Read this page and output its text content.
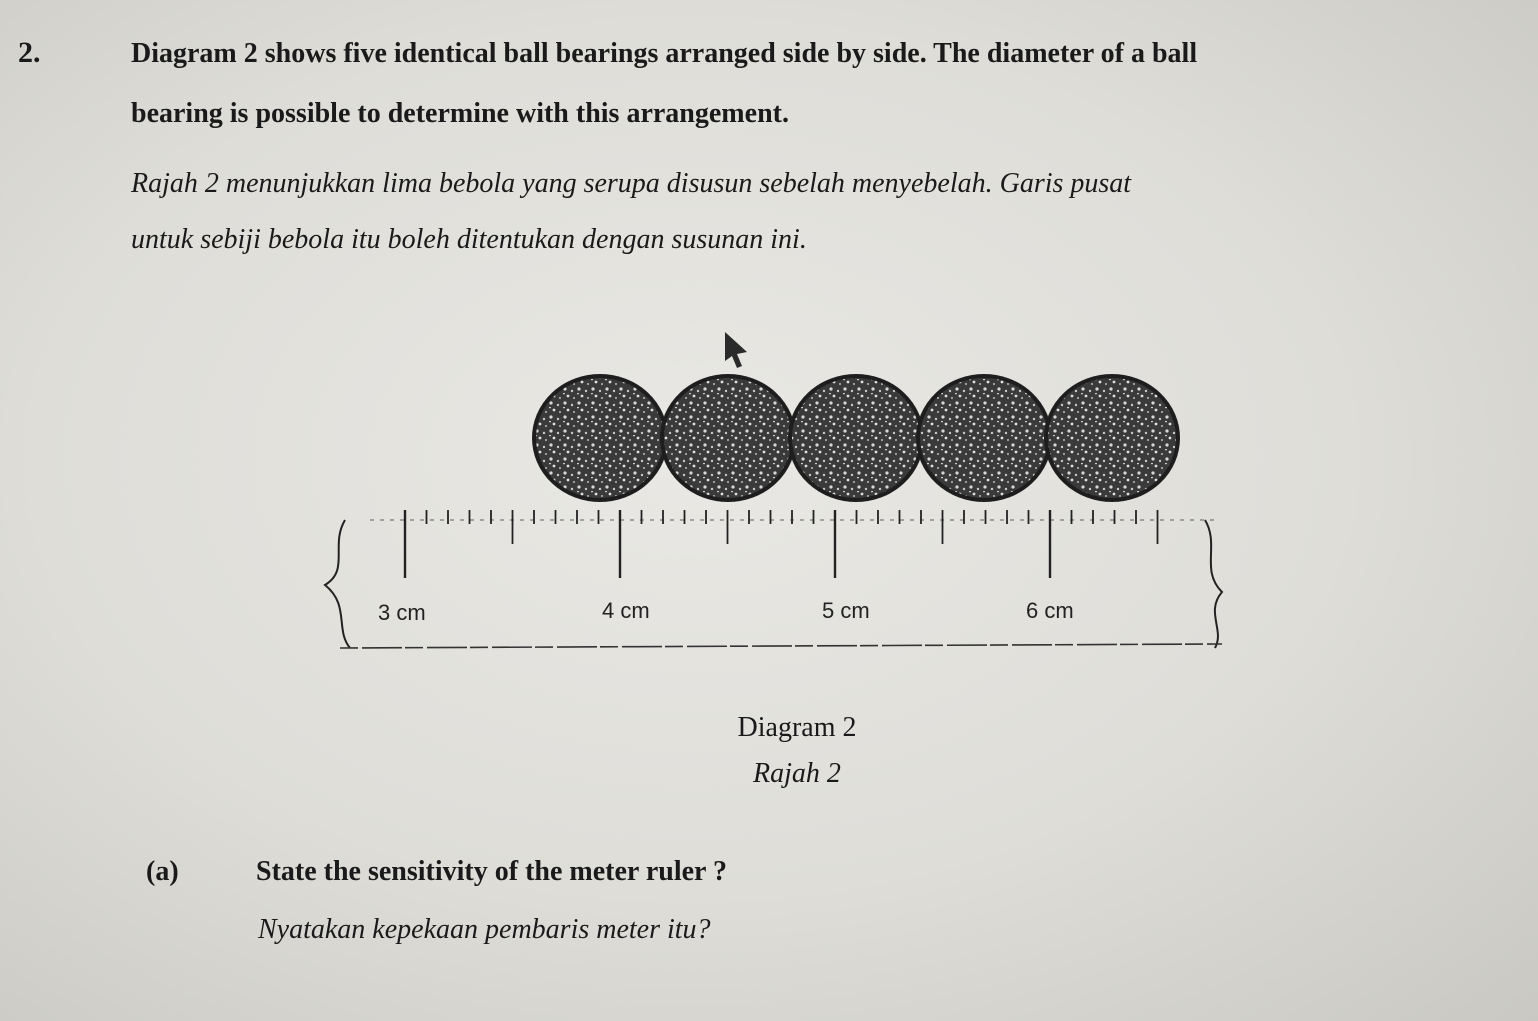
2.	Diagram 2 shows five identical ball bearings arranged side by side. The diameter of a ball
bearing is possible to determine with this arrangement.
Rajah 2 menunjukkan lima bebola yang serupa disusun sebelah menyebelah. Garis pusat
untuk sebiji bebola itu boleh ditentukan dengan susunan ini.
3 cm	4 cm	5 cm	6 cm
Diagram 2
Rajah 2
(a)	State the sensitivity of the meter ruler ?
Nyatakan kepekaan pembaris meter itu?
